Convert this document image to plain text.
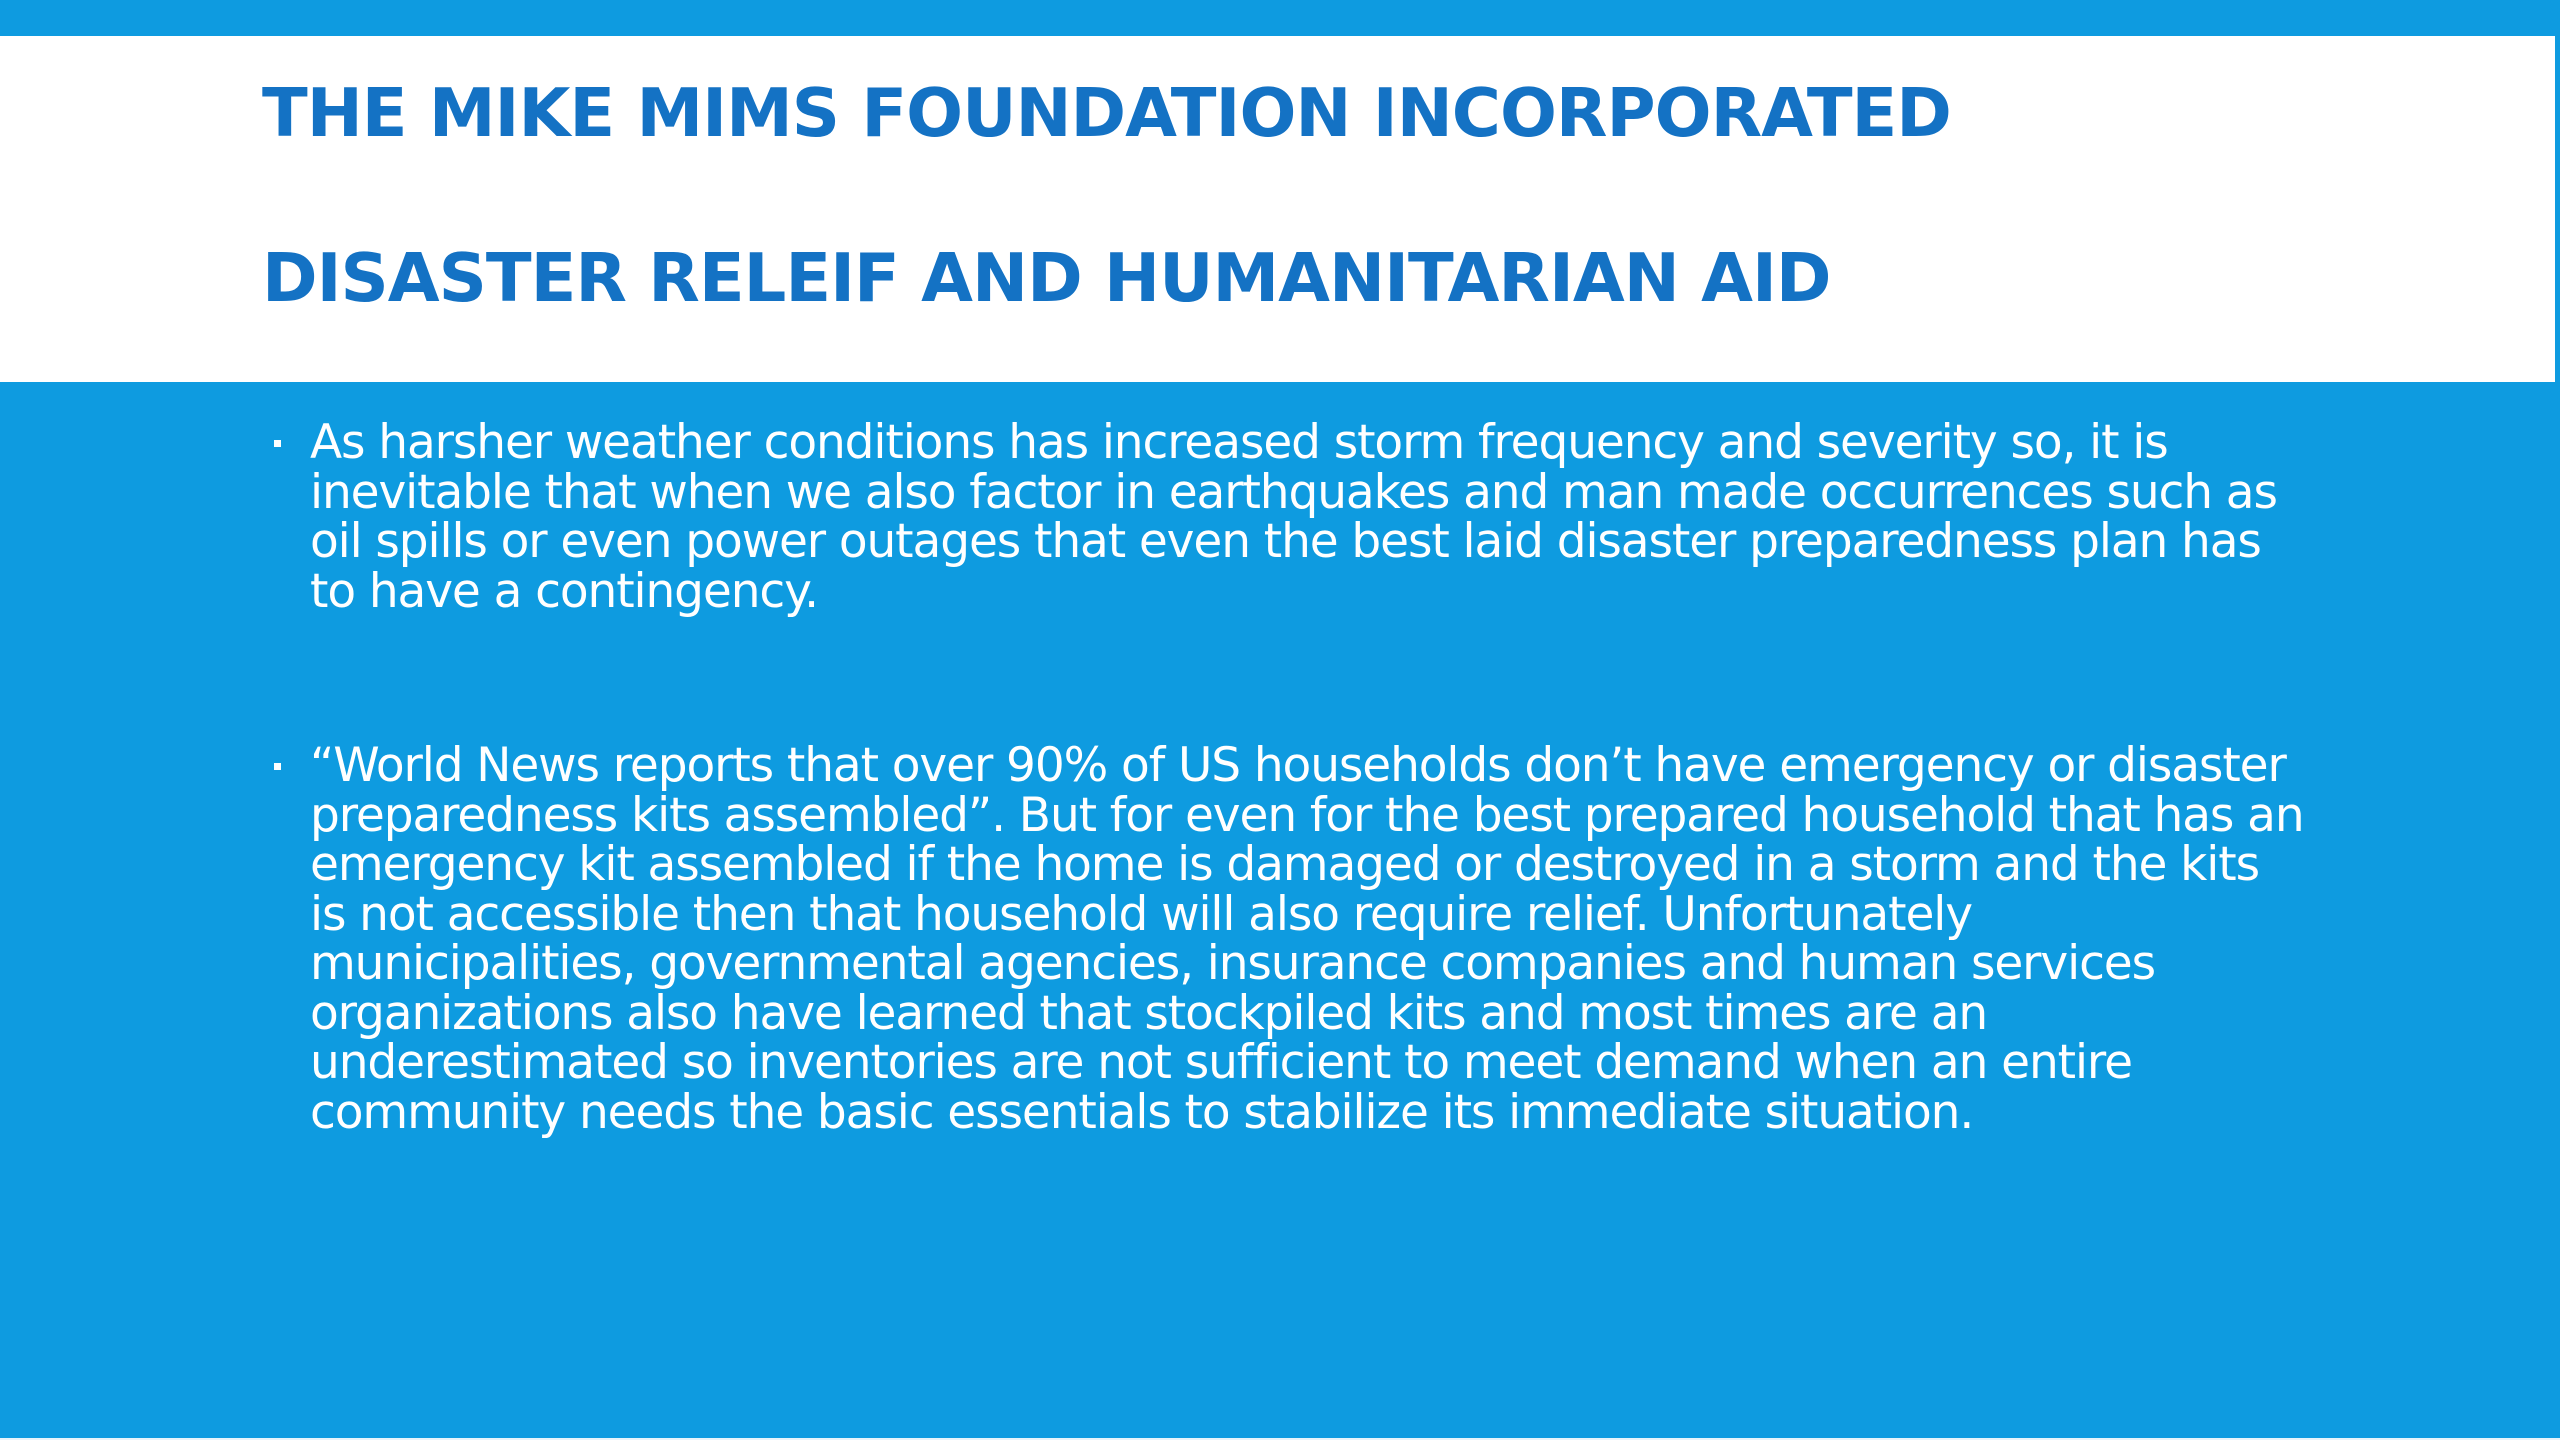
THE MIKE MIMS FOUNDATION INCORPORATED
DISASTER RELEIF AND HUMANITARIAN AID
As harsher weather conditions has increased storm frequency and severity so, it is inevitable that when we also factor in earthquakes and man made occurrences such as oil spills or even power outages that even the best laid disaster preparedness plan has to have a contingency.
“World News reports that over 90% of US households don’t have emergency or disaster preparedness kits assembled”. But for even for the best prepared household that has an emergency kit assembled if the home is damaged or destroyed in a storm and the kits is not accessible then that household will also require relief. Unfortunately municipalities, governmental agencies, insurance companies and human services organizations also have learned that stockpiled kits and most times are an underestimated so inventories are not sufficient to meet demand when an entire community needs the basic essentials to stabilize its immediate situation.
